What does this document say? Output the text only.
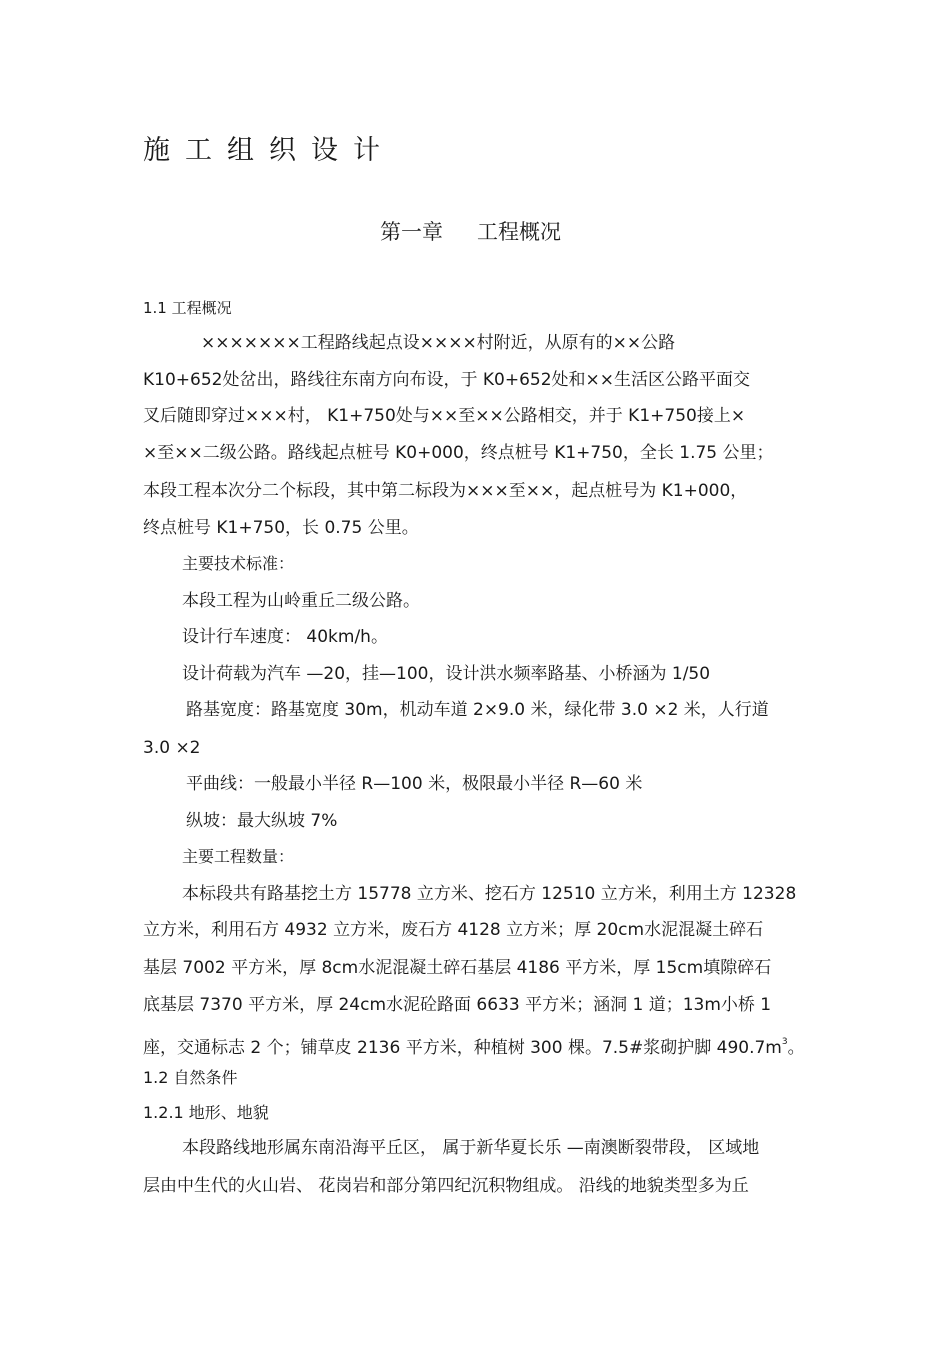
施工组织设计
第一章 工程概况
1.1 工程概况
×××××××工程路线起点设××××村附近，从原有的××公路
K10+652处岔出，路线往东南方向布设，于 K0+652处和××生活区公路平面交
叉后随即穿过×××村， K1+750处与××至××公路相交，并于 K1+750接上×
×至××二级公路。路线起点桩号 K0+000，终点桩号 K1+750，全长 1.75 公里；
本段工程本次分二个标段，其中第二标段为×××至××，起点桩号为 K1+000，
终点桩号 K1+750，长 0.75 公里。
主要技术标准：
本段工程为山岭重丘二级公路。
设计行车速度： 40km/h。
设计荷载为汽车 —20，挂—100，设计洪水频率路基、小桥涵为 1/50
路基宽度：路基宽度 30m，机动车道 2×9.0 米，绿化带 3.0 ×2 米，人行道
3.0 ×2
平曲线：一般最小半径 R—100 米，极限最小半径 R—60 米
纵坡：最大纵坡 7%
主要工程数量：
本标段共有路基挖土方 15778 立方米、挖石方 12510 立方米，利用土方 12328
立方米，利用石方 4932 立方米，废石方 4128 立方米；厚 20cm水泥混凝土碎石
基层 7002 平方米，厚 8cm水泥混凝土碎石基层 4186 平方米，厚 15cm填隙碎石
底基层 7370 平方米，厚 24cm水泥砼路面 6633 平方米；涵洞 1 道；13m小桥 1
座，交通标志 2 个；铺草皮 2136 平方米，种植树 300 棵。7.5#浆砌护脚 $490.7m^3$。
1.2 自然条件
1.2.1 地形、地貌
本段路线地形属东南沿海平丘区， 属于新华夏长乐 —南澳断裂带段， 区域地
层由中生代的火山岩、 花岗岩和部分第四纪沉积物组成。 沿线的地貌类型多为丘
